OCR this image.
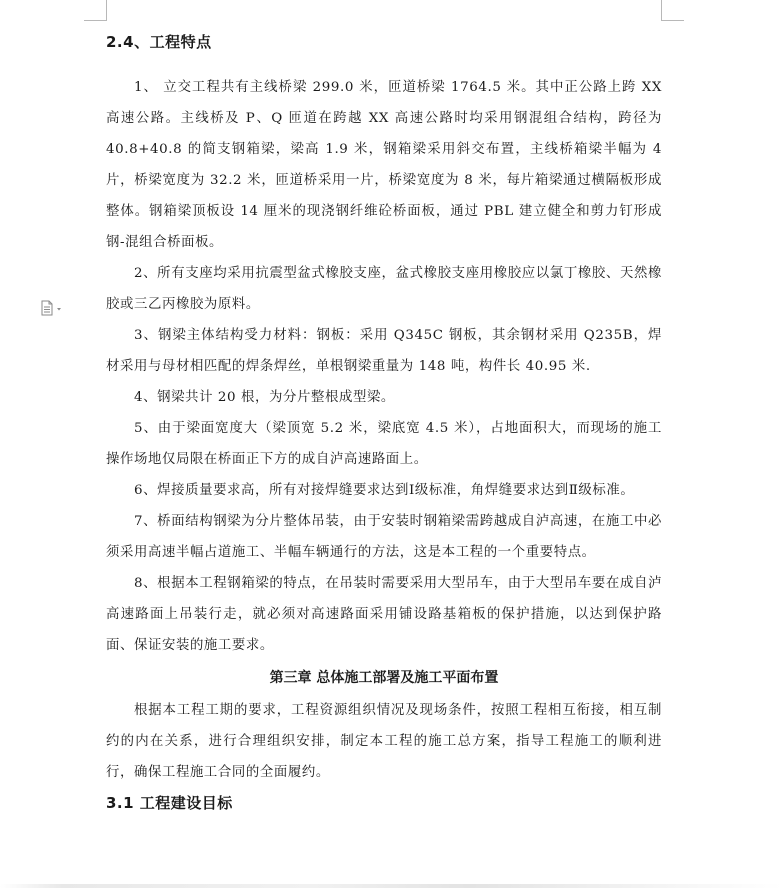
2.4、工程特点

1、 立交工程共有主线桥梁 299.0 米，匝道桥梁 1764.5 米。其中正公路上跨 XX 高速公路。主线桥及 P、Q 匝道在跨越 XX 高速公路时均采用钢混组合结构，跨径为 40.8+40.8 的简支钢箱梁，梁高 1.9 米，钢箱梁采用斜交布置，主线桥箱梁半幅为 4 片，桥梁宽度为 32.2 米，匝道桥采用一片，桥梁宽度为 8 米，每片箱梁通过横隔板形成整体。钢箱梁顶板设 14 厘米的现浇钢纤维砼桥面板，通过 PBL 建立健全和剪力钉形成钢-混组合桥面板。

2、所有支座均采用抗震型盆式橡胶支座，盆式橡胶支座用橡胶应以氯丁橡胶、天然橡胶或三乙丙橡胶为原料。

3、钢梁主体结构受力材料：钢板：采用 Q345C 钢板，其余钢材采用 Q235B，焊材采用与母材相匹配的焊条焊丝，单根钢梁重量为 148 吨，构件长 40.95 米.

4、钢梁共计 20 根，为分片整根成型梁。

5、由于梁面宽度大（梁顶宽 5.2 米，梁底宽 4.5 米），占地面积大，而现场的施工操作场地仅局限在桥面正下方的成自泸高速路面上。

6、焊接质量要求高，所有对接焊缝要求达到Ⅰ级标准，角焊缝要求达到Ⅱ级标准。

7、桥面结构钢梁为分片整体吊装，由于安装时钢箱梁需跨越成自泸高速，在施工中必须采用高速半幅占道施工、半幅车辆通行的方法，这是本工程的一个重要特点。

8、根据本工程钢箱梁的特点，在吊装时需要采用大型吊车，由于大型吊车要在成自泸高速路面上吊装行走，就必须对高速路面采用铺设路基箱板的保护措施，以达到保护路面、保证安装的施工要求。

第三章 总体施工部署及施工平面布置

根据本工程工期的要求，工程资源组织情况及现场条件，按照工程相互衔接，相互制约的内在关系，进行合理组织安排，制定本工程的施工总方案，指导工程施工的顺利进行，确保工程施工合同的全面履约。

3.1 工程建设目标
